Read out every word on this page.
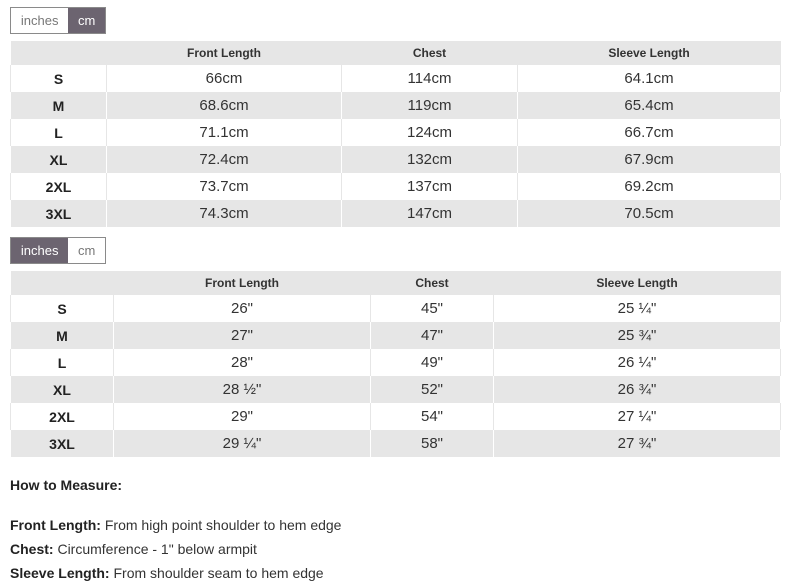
inches	cm
	Front Length	Chest	Sleeve Length
S	66cm	114cm	64.1cm
M	68.6cm	119cm	65.4cm
L	71.1cm	124cm	66.7cm
XL	72.4cm	132cm	67.9cm
2XL	73.7cm	137cm	69.2cm
3XL	74.3cm	147cm	70.5cm
inches	cm
	Front Length	Chest	Sleeve Length
S	26"	45"	25 ¼"
M	27"	47"	25 ¾"
L	28"	49"	26 ¼"
XL	28 ½"	52"	26 ¾"
2XL	29"	54"	27 ¼"
3XL	29 ¼"	58"	27 ¾"
How to Measure:
Front Length: From high point shoulder to hem edge
Chest: Circumference - 1" below armpit
Sleeve Length: From shoulder seam to hem edge
